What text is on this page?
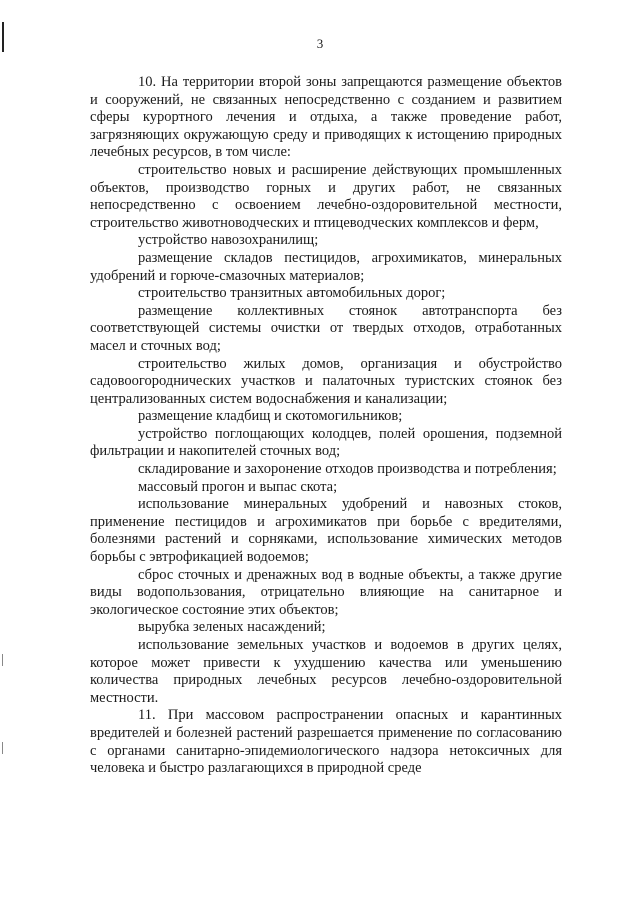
3

10. На территории второй зоны запрещаются размещение объектов и сооружений, не связанных непосредственно с созданием и развитием сферы курортного лечения и отдыха, а также проведение работ, загрязняющих окружающую среду и приводящих к истощению природных лечебных ресурсов, в том числе:

строительство новых и расширение действующих промышленных объектов, производство горных и других работ, не связанных непосредственно с освоением лечебно-оздоровительной местности, строительство животноводческих и птицеводческих комплексов и ферм,

устройство навозохранилищ;

размещение складов пестицидов, агрохимикатов, минеральных удобрений и горюче-смазочных материалов;

строительство транзитных автомобильных дорог;

размещение коллективных стоянок автотранспорта без соответствующей системы очистки от твердых отходов, отработанных масел и сточных вод;

строительство жилых домов, организация и обустройство садовоогороднических участков и палаточных туристских стоянок без централизованных систем водоснабжения и канализации;

размещение кладбищ и скотомогильников;

устройство поглощающих колодцев, полей орошения, подземной фильтрации и накопителей сточных вод;

складирование и захоронение отходов производства и потребления;

массовый прогон и выпас скота;

использование минеральных удобрений и навозных стоков, применение пестицидов и агрохимикатов при борьбе с вредителями, болезнями растений и сорняками, использование химических методов борьбы с эвтрофикацией водоемов;

сброс сточных и дренажных вод в водные объекты, а также другие виды водопользования, отрицательно влияющие на санитарное и экологическое состояние этих объектов;

вырубка зеленых насаждений;

использование земельных участков и водоемов в других целях, которое может привести к ухудшению качества или уменьшению количества природных лечебных ресурсов лечебно-оздоровительной местности.

11. При массовом распространении опасных и карантинных вредителей и болезней растений разрешается применение по согласованию с органами санитарно-эпидемиологического надзора нетоксичных для человека и быстро разлагающихся в природной среде
